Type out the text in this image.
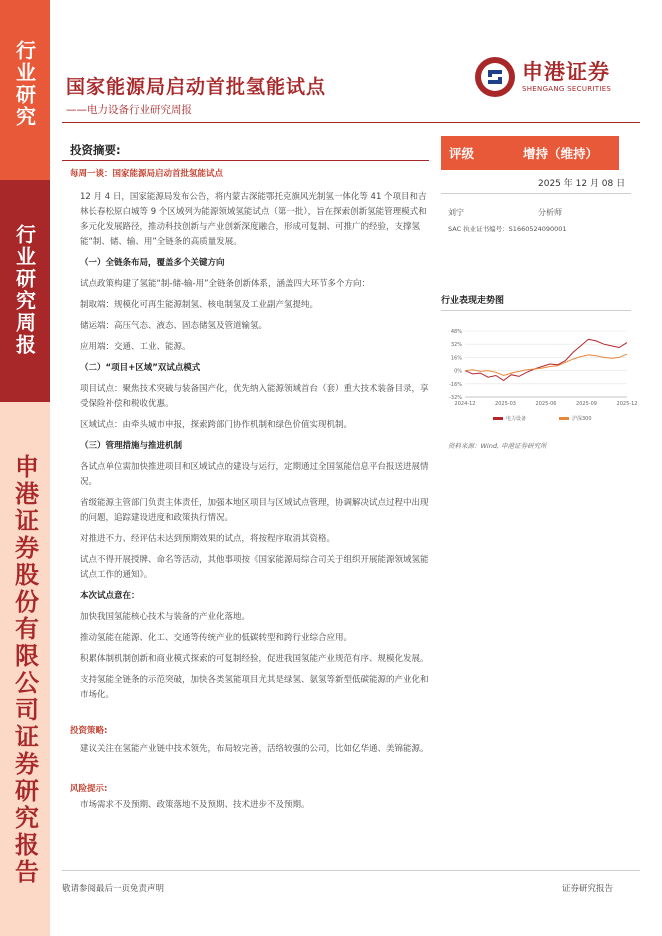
行业研究
行业研究周报
申港证券股份有限公司证券研究报告
国家能源局启动首批氢能试点
——电力设备行业研究周报
申港证券
SHENGANG SECURITIES
投资摘要:
每周一谈：国家能源局启动首批氢能试点
12 月 4 日，国家能源局发布公告，将内蒙古深能鄂托克旗风光制氢一体化等 41 个项目和吉林长春松原白城等 9 个区域列为能源领域氢能试点（第一批），旨在探索创新氢能管理模式和多元化发展路径，推动科技创新与产业创新深度融合，形成可复制、可推广的经验，支撑氢能“制、储、输、用”全链条的高质量发展。
（一）全链条布局，覆盖多个关键方向
试点政策构建了氢能“制-储-输-用”全链条创新体系，涵盖四大环节多个方向：
制取端：规模化可再生能源制氢、核电制氢及工业副产氢提纯。
储运端：高压气态、液态、固态储氢及管道输氢。
应用端：交通、工业、能源。
（二）“项目+区域”双试点模式
项目试点：聚焦技术突破与装备国产化，优先纳入能源领域首台（套）重大技术装备目录，享受保险补偿和税收优惠。
区域试点：由牵头城市申报，探索跨部门协作机制和绿色价值实现机制。
（三）管理措施与推进机制
各试点单位需加快推进项目和区域试点的建设与运行，定期通过全国氢能信息平台报送进展情况。
省级能源主管部门负责主体责任，加强本地区项目与区域试点管理，协调解决试点过程中出现的问题，追踪建设进度和政策执行情况。
对推进不力、经评估未达到预期效果的试点，将按程序取消其资格。
试点不得开展授牌、命名等活动，其他事项按《国家能源局综合司关于组织开展能源领域氢能试点工作的通知》。
本次试点意在：
加快我国氢能核心技术与装备的产业化落地。
推动氢能在能源、化工、交通等传统产业的低碳转型和跨行业综合应用。
积累体制机制创新和商业模式探索的可复制经验，促进我国氢能产业规范有序、规模化发展。
支持氢能全链条的示范突破，加快各类氢能项目尤其是绿氢、氨氢等新型低碳能源的产业化和市场化。
投资策略:
建议关注在氢能产业链中技术领先，布局较完善，活络较强的公司，比如亿华通、美锦能源。
风险提示:
市场需求不及预期、政策落地不及预期、技术进步不及预期。
评级	增持（维持）
2025 年 12 月 08 日
刘宁	分析师
SAC 执业证书编号：S1660524090001
行业表现走势图
48%
32%
16%
0%
-16%
-32%
2024-12	2025-03	2025-06	2025-09	2025-12
电力设备	沪深300
资料来源：Wind, 申港证券研究所
敬请参阅最后一页免责声明	证券研究报告
